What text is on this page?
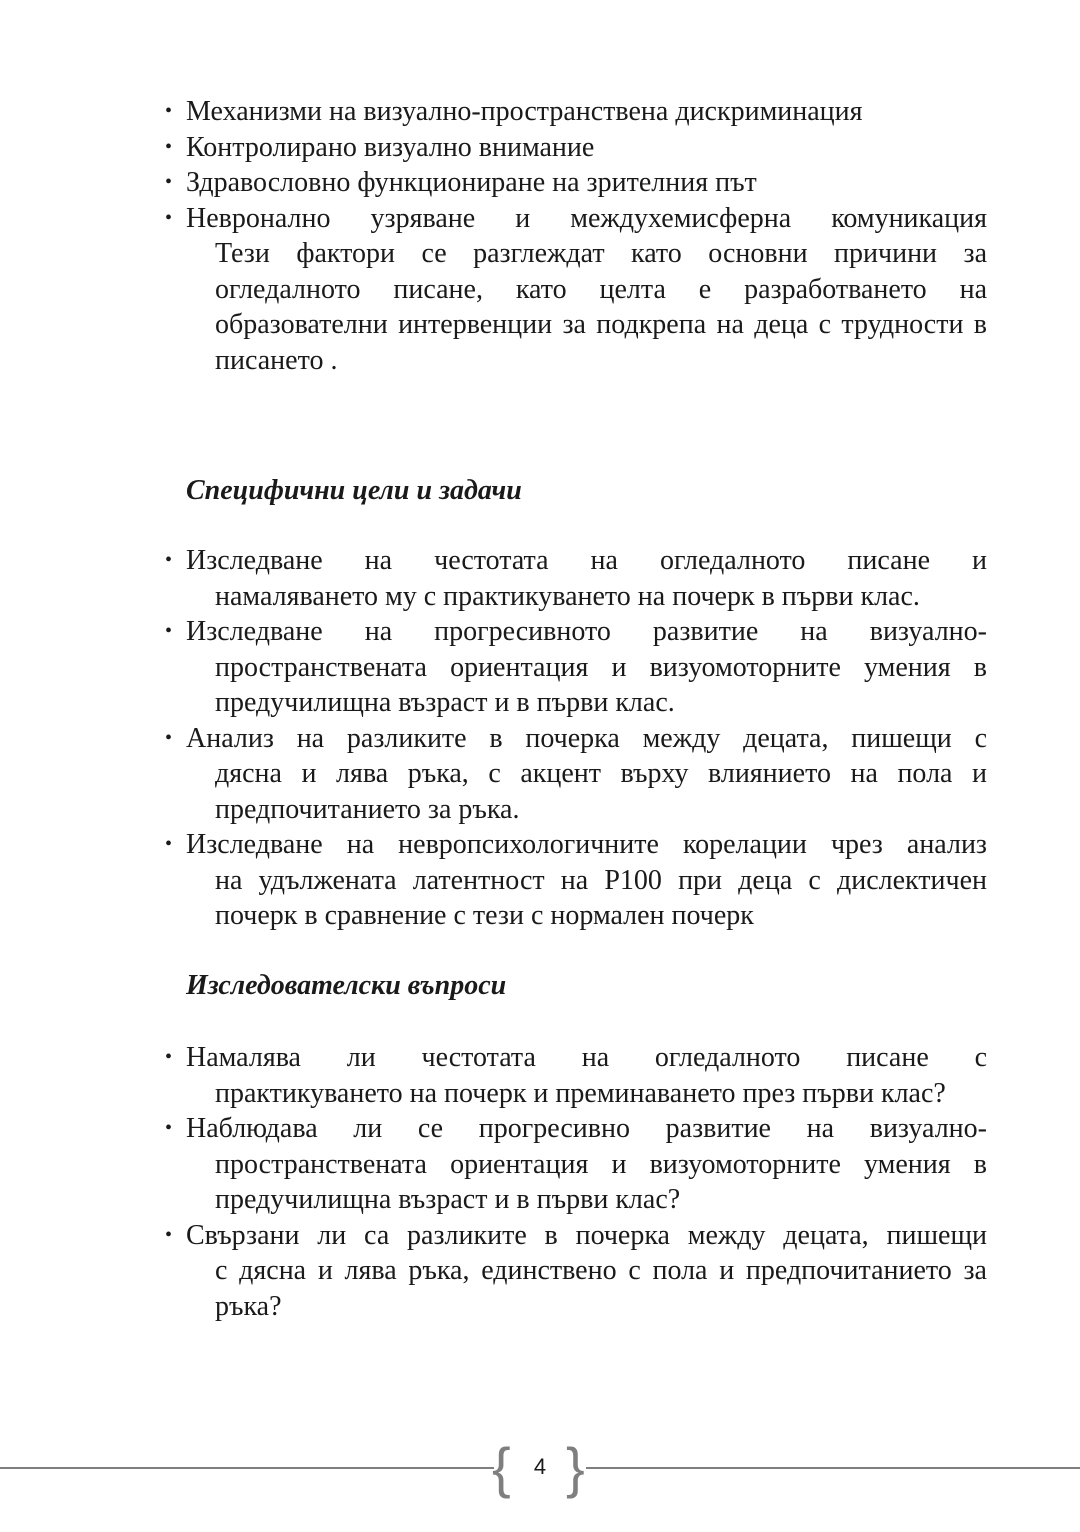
• Механизми на визуално-пространствена дискриминация
• Контролирано визуално внимание
• Здравословно функциониране на зрителния път
• Невронално узряване и междухемисферна комуникация
Тези фактори се разглеждат като основни причини за огледалното писане, като целта е разработването на образователни интервенции за подкрепа на деца с трудности в писането .
Специфични цели и задачи
• Изследване на честотата на огледалното писане и
намаляването му с практикуването на почерк в първи клас.
• Изследване на прогресивното развитие на визуално-
пространствената ориентация и визуомоторните умения в предучилищна възраст и в първи клас.
• Анализ на разликите в почерка между децата, пишещи с
дясна и лява ръка, с акцент върху влиянието на пола и предпочитанието за ръка.
• Изследване на невропсихологичните корелации чрез анализ
на удължената латентност на P100 при деца с дислектичен почерк в сравнение с тези с нормален почерк
Изследователски въпроси
• Намалява ли честотата на огледалното писане с
практикуването на почерк и преминаването през първи клас?
• Наблюдава ли се прогресивно развитие на визуално-
пространствената ориентация и визуомоторните умения в предучилищна възраст и в първи клас?
• Свързани ли са разликите в почерка между децата, пишещи
с дясна и лява ръка, единствено с пола и предпочитанието за ръка?
{	4 }
